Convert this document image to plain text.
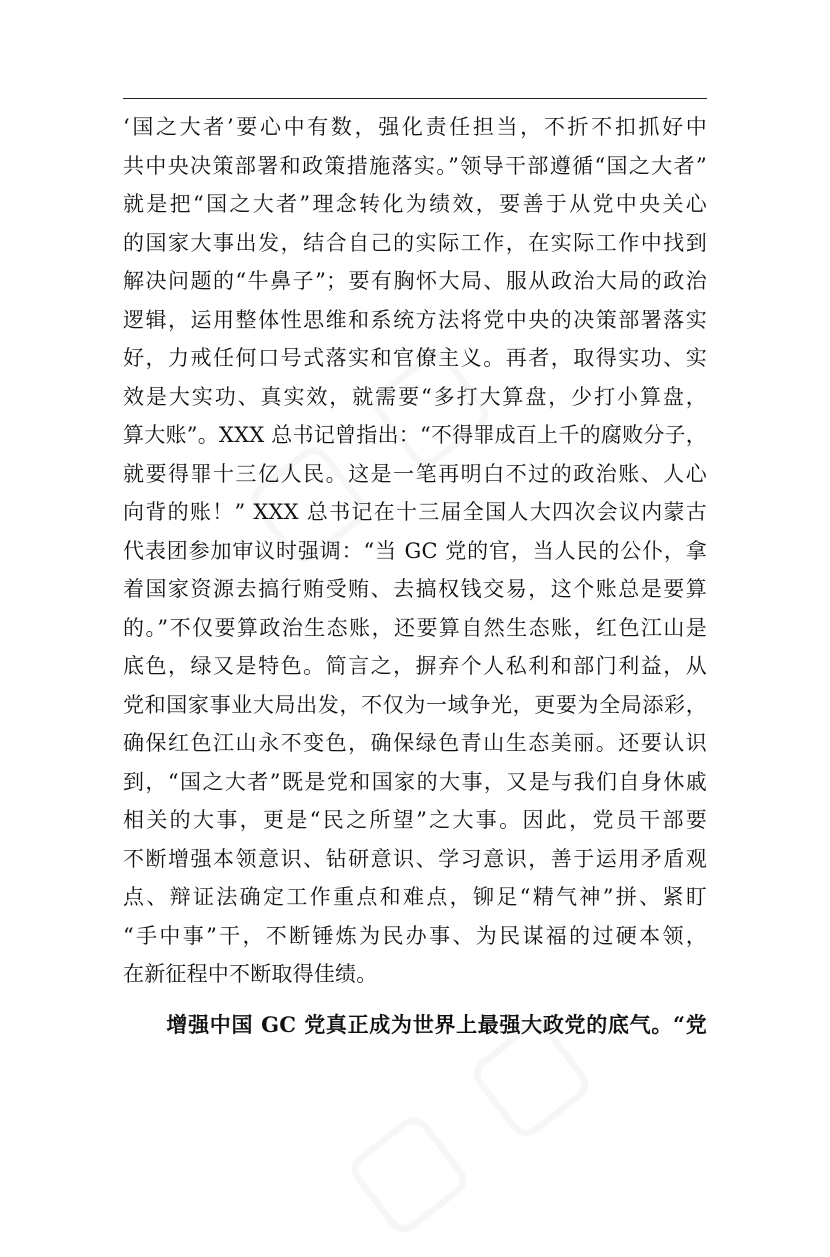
‘国之大者’要心中有数，强化责任担当，不折不扣抓好中
共中央决策部署和政策措施落实。”领导干部遵循“国之大者”
就是把“国之大者”理念转化为绩效，要善于从党中央关心
的国家大事出发，结合自己的实际工作，在实际工作中找到
解决问题的“牛鼻子”；要有胸怀大局、服从政治大局的政治
逻辑，运用整体性思维和系统方法将党中央的决策部署落实
好，力戒任何口号式落实和官僚主义。再者，取得实功、实
效是大实功、真实效，就需要“多打大算盘，少打小算盘，
算大账”。XXX 总书记曾指出：“不得罪成百上千的腐败分子，
就要得罪十三亿人民。这是一笔再明白不过的政治账、人心
向背的账！” XXX 总书记在十三届全国人大四次会议内蒙古
代表团参加审议时强调：“当 GC 党的官，当人民的公仆，拿
着国家资源去搞行贿受贿、去搞权钱交易，这个账总是要算
的。”不仅要算政治生态账，还要算自然生态账，红色江山是
底色，绿又是特色。简言之，摒弃个人私利和部门利益，从
党和国家事业大局出发，不仅为一域争光，更要为全局添彩，
确保红色江山永不变色，确保绿色青山生态美丽。还要认识
到，“国之大者”既是党和国家的大事，又是与我们自身休戚
相关的大事，更是“民之所望”之大事。因此，党员干部要
不断增强本领意识、钻研意识、学习意识，善于运用矛盾观
点、辩证法确定工作重点和难点，铆足“精气神”拼、紧盯
“手中事”干，不断锤炼为民办事、为民谋福的过硬本领，
在新征程中不断取得佳绩。
　　增强中国 GC 党真正成为世界上最强大政党的底气。“党
